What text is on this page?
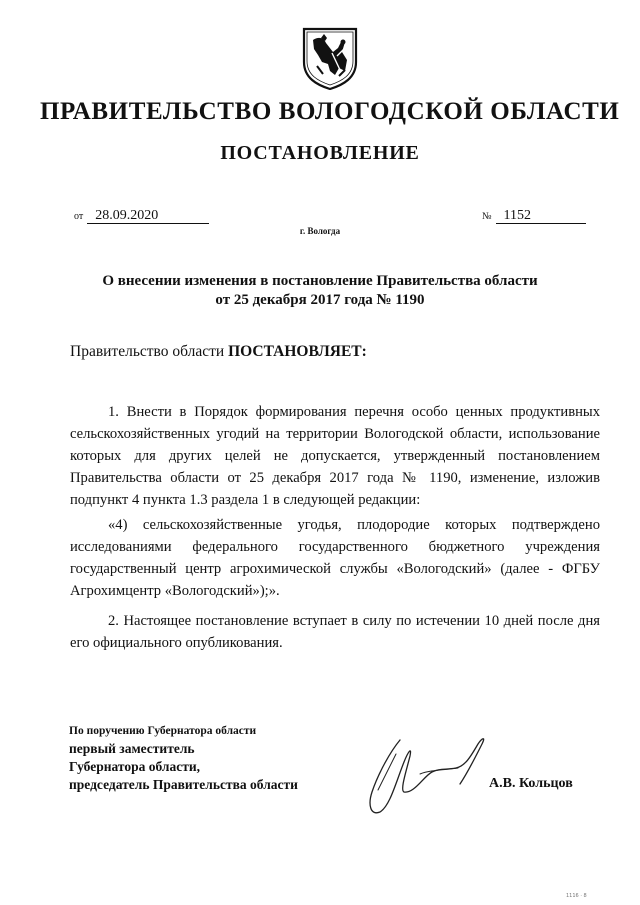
ПРАВИТЕЛЬСТВО ВОЛОГОДСКОЙ ОБЛАСТИ
ПОСТАНОВЛЕНИЕ
от 28.09.2020	№ 1152
г. Вологда
О внесении изменения в постановление Правительства области
от 25 декабря 2017 года № 1190
Правительство области ПОСТАНОВЛЯЕТ:

1. Внести в Порядок формирования перечня особо ценных продуктивных сельскохозяйственных угодий на территории Вологодской области, использование которых для других целей не допускается, утвержденный постановлением Правительства области от 25 декабря 2017 года № 1190, изменение, изложив подпункт 4 пункта 1.3 раздела 1 в следующей редакции:

«4) сельскохозяйственные угодья, плодородие которых подтверждено исследованиями федерального государственного бюджетного учреждения государственный центр агрохимической службы «Вологодский» (далее - ФГБУ Агрохимцентр «Вологодский»);».

2. Настоящее постановление вступает в силу по истечении 10 дней после дня его официального опубликования.

По поручению Губернатора области
первый заместитель
Губернатора области,
председатель Правительства области	А.В. Кольцов
1116 · 8
